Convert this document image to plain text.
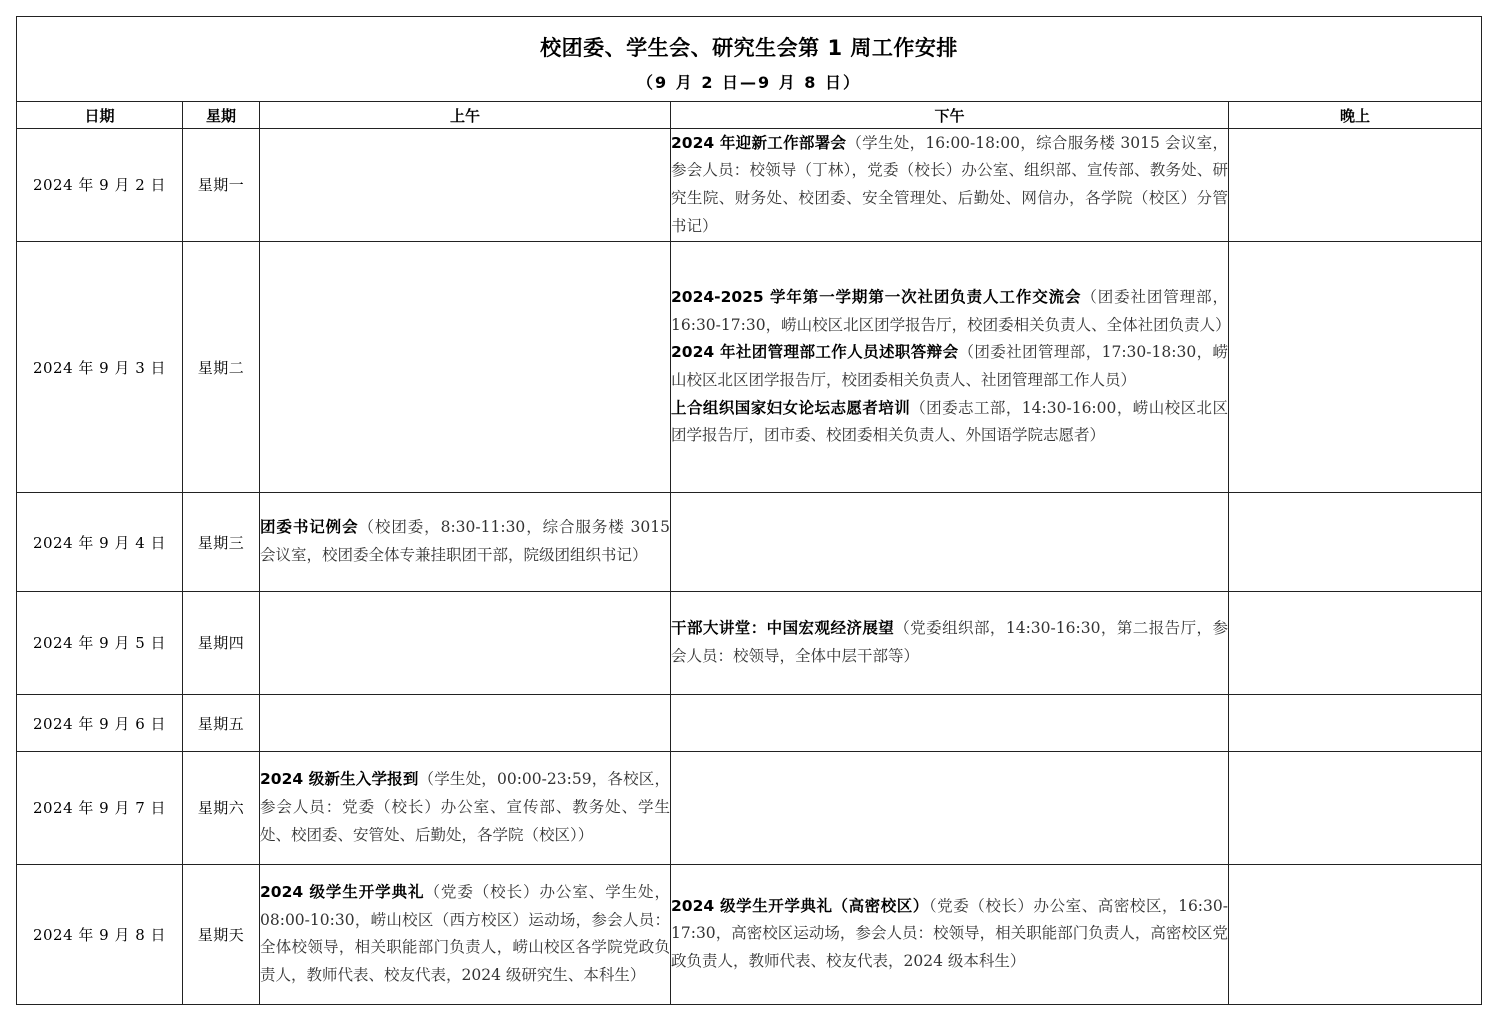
校团委、学生会、研究生会第 1 周工作安排
（9 月 2 日—9 月 8 日）				

日期	星期	上午	下午	晚上
2024 年 9 月 2 日	星期一		2024 年迎新工作部署会（学生处，16:00-18:00，综合服务楼 3015 会议室，参会人员：校领导（丁林），党委（校长）办公室、组织部、宣传部、教务处、研究生院、财务处、校团委、安全管理处、后勤处、网信办，各学院（校区）分管书记）	

2024 年 9 月 3 日	星期二		2024-2025 学年第一学期第一次社团负责人工作交流会（团委社团管理部，16:30-17:30，崂山校区北区团学报告厅，校团委相关负责人、全体社团负责人）
2024 年社团管理部工作人员述职答辩会（团委社团管理部，17:30-18:30，崂山校区北区团学报告厅，校团委相关负责人、社团管理部工作人员）
上合组织国家妇女论坛志愿者培训（团委志工部，14:30-16:00，崂山校区北区团学报告厅，团市委、校团委相关负责人、外国语学院志愿者）	

2024 年 9 月 4 日	星期三	团委书记例会（校团委，8:30-11:30，综合服务楼 3015 会议室，校团委全体专兼挂职团干部，院级团组织书记）		

2024 年 9 月 5 日	星期四		干部大讲堂：中国宏观经济展望（党委组织部，14:30-16:30，第二报告厅，参会人员：校领导，全体中层干部等）	

2024 年 9 月 6 日	星期五			
2024 年 9 月 7 日	星期六	2024 级新生入学报到（学生处，00:00-23:59，各校区，参会人员：党委（校长）办公室、宣传部、教务处、学生处、校团委、安管处、后勤处，各学院（校区））		

2024 年 9 月 8 日	星期天	2024 级学生开学典礼（党委（校长）办公室、学生处，08:00-10:30，崂山校区（西方校区）运动场，参会人员：全体校领导，相关职能部门负责人，崂山校区各学院党政负责人，教师代表、校友代表，2024 级研究生、本科生）	2024 级学生开学典礼（高密校区）（党委（校长）办公室、高密校区，16:30-17:30，高密校区运动场，参会人员：校领导，相关职能部门负责人，高密校区党政负责人，教师代表、校友代表，2024 级本科生）	
